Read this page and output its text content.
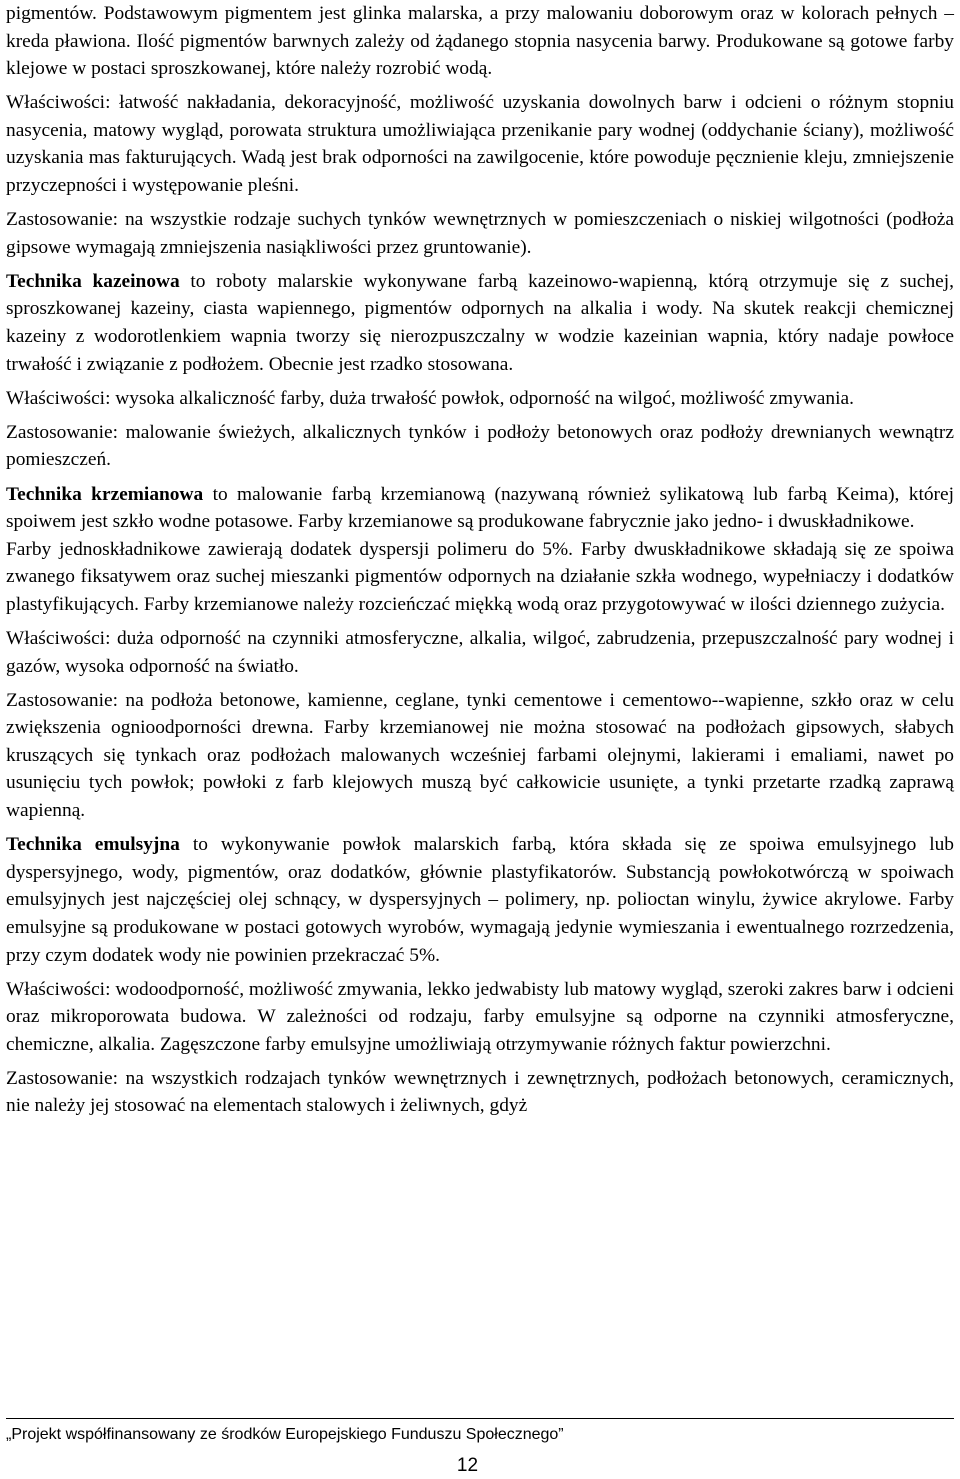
pigmentów. Podstawowym pigmentem jest glinka malarska, a przy malowaniu doborowym oraz w kolorach pełnych – kreda pławiona. Ilość pigmentów barwnych zależy od żądanego stopnia nasycenia barwy. Produkowane są gotowe farby klejowe w postaci sproszkowanej, które należy rozrobić wodą.

Właściwości: łatwość nakładania, dekoracyjność, możliwość uzyskania dowolnych barw i odcieni o różnym stopniu nasycenia, matowy wygląd, porowata struktura umożliwiająca przenikanie pary wodnej (oddychanie ściany), możliwość uzyskania mas fakturujących. Wadą jest brak odporności na zawilgocenie, które powoduje pęcznienie kleju, zmniejszenie przyczepności i występowanie pleśni.

Zastosowanie: na wszystkie rodzaje suchych tynków wewnętrznych w pomieszczeniach o niskiej wilgotności (podłoża gipsowe wymagają zmniejszenia nasiąkliwości przez gruntowanie).

Technika kazeinowa to roboty malarskie wykonywane farbą kazeinowo-wapienną, którą otrzymuje się z suchej, sproszkowanej kazeiny, ciasta wapiennego, pigmentów odpornych na alkalia i wody. Na skutek reakcji chemicznej kazeiny z wodorotlenkiem wapnia tworzy się nierozpuszczalny w wodzie kazeinian wapnia, który nadaje powłoce trwałość i związanie z podłożem. Obecnie jest rzadko stosowana.

Właściwości: wysoka alkaliczność farby, duża trwałość powłok, odporność na wilgoć, możliwość zmywania.

Zastosowanie: malowanie świeżych, alkalicznych tynków i podłoży betonowych oraz podłoży drewnianych wewnątrz pomieszczeń.

Technika krzemianowa to malowanie farbą krzemianową (nazywaną również sylikatową lub farbą Keima), której spoiwem jest szkło wodne potasowe. Farby krzemianowe są produkowane fabrycznie jako jedno- i dwuskładnikowe.

Farby jednoskładnikowe zawierają dodatek dyspersji polimeru do 5%. Farby dwuskładnikowe składają się ze spoiwa zwanego fiksatywem oraz suchej mieszanki pigmentów odpornych na działanie szkła wodnego, wypełniaczy i dodatków plastyfikujących. Farby krzemianowe należy rozcieńczać miękką wodą oraz przygotowywać w ilości dziennego zużycia.

Właściwości: duża odporność na czynniki atmosferyczne, alkalia, wilgoć, zabrudzenia, przepuszczalność pary wodnej i gazów, wysoka odporność na światło.

Zastosowanie: na podłoża betonowe, kamienne, ceglane, tynki cementowe i cementowo--wapienne, szkło oraz w celu zwiększenia ognioodporności drewna. Farby krzemianowej nie można stosować na podłożach gipsowych, słabych kruszących się tynkach oraz podłożach malowanych wcześniej farbami olejnymi, lakierami i emaliami, nawet po usunięciu tych powłok; powłoki z farb klejowych muszą być całkowicie usunięte, a tynki przetarte rzadką zaprawą wapienną.

Technika emulsyjna to wykonywanie powłok malarskich farbą, która składa się ze spoiwa emulsyjnego lub dyspersyjnego, wody, pigmentów, oraz dodatków, głównie plastyfikatorów. Substancją powłokotwórczą w spoiwach emulsyjnych jest najczęściej olej schnący, w dyspersyjnych – polimery, np. polioctan winylu, żywice akrylowe. Farby emulsyjne są produkowane w postaci gotowych wyrobów, wymagają jedynie wymieszania i ewentualnego rozrzedzenia, przy czym dodatek wody nie powinien przekraczać 5%.

Właściwości: wodoodporność, możliwość zmywania, lekko jedwabisty lub matowy wygląd, szeroki zakres barw i odcieni oraz mikroporowata budowa. W zależności od rodzaju, farby emulsyjne są odporne na czynniki atmosferyczne, chemiczne, alkalia. Zagęszczone farby emulsyjne umożliwiają otrzymywanie różnych faktur powierzchni.

Zastosowanie: na wszystkich rodzajach tynków wewnętrznych i zewnętrznych, podłożach betonowych, ceramicznych, nie należy jej stosować na elementach stalowych i żeliwnych, gdyż

„Projekt współfinansowany ze środków Europejskiego Funduszu Społecznego”
12
